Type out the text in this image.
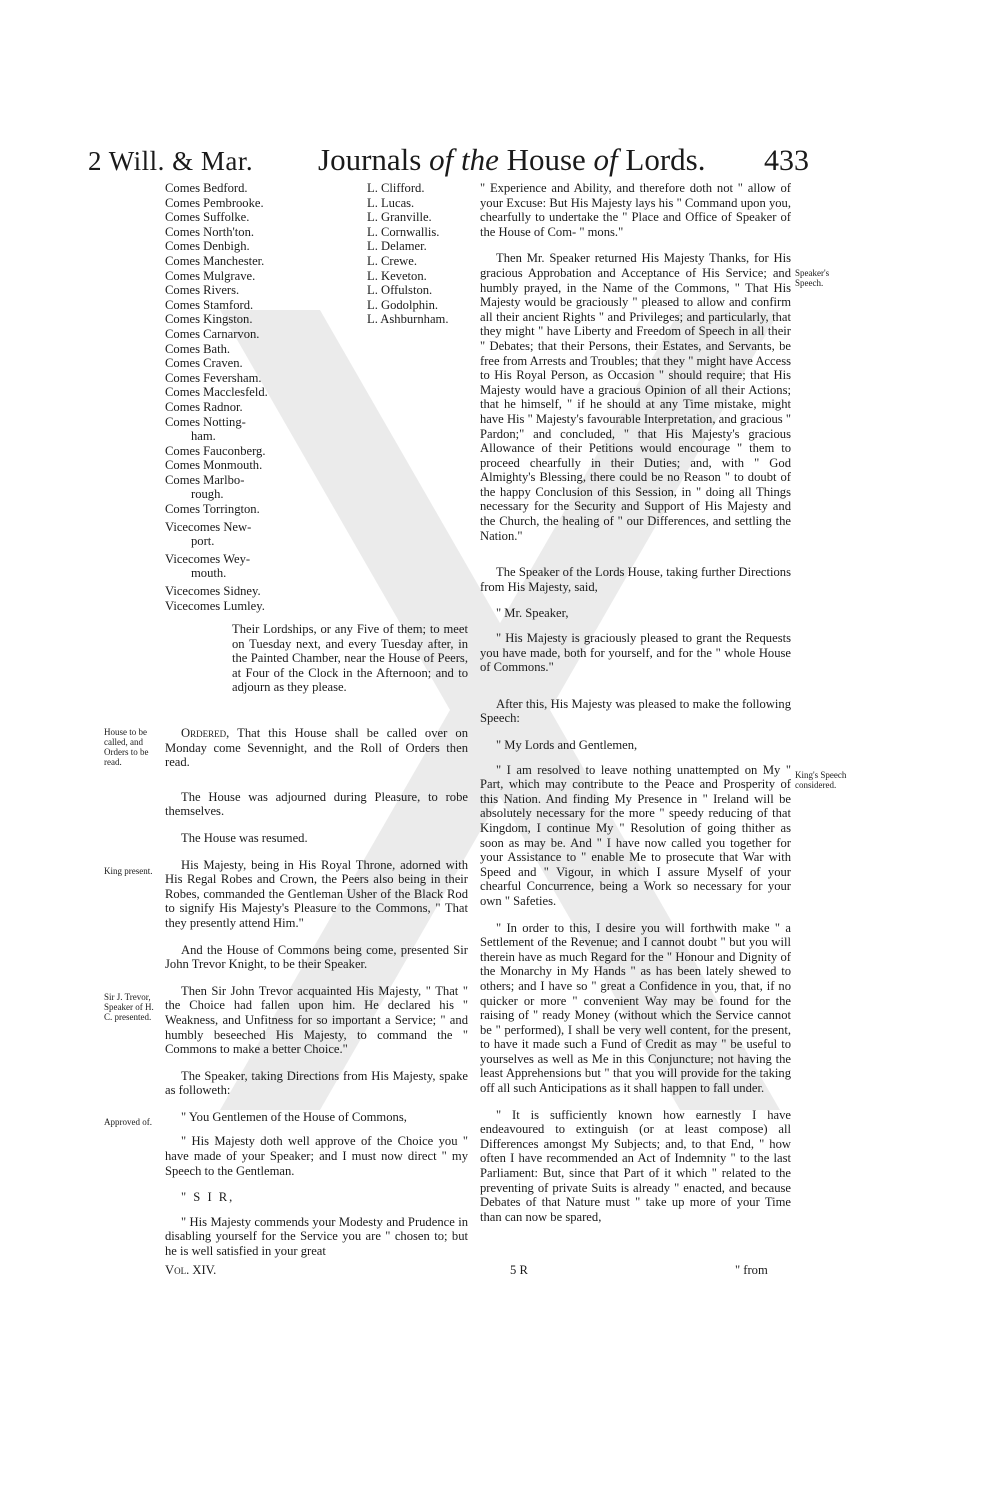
2 Will. & Mar. Journals of the House of Lords. 433
Comes Bedford.
Comes Pembrooke.
Comes Suffolke.
Comes North'ton.
Comes Denbigh.
Comes Manchester.
Comes Mulgrave.
Comes Rivers.
Comes Stamford.
Comes Kingston.
Comes Carnarvon.
Comes Bath.
Comes Craven.
Comes Feversham.
Comes Macclesfeld.
Comes Radnor.
Comes Notting-
ham.
Comes Fauconberg.
Comes Monmouth.
Comes Marlbo-
rough.
Comes Torrington.
Vicecomes New-
port.
Vicecomes Wey-
mouth.
Vicecomes Sidney.
Vicecomes Lumley.
L. Clifford.
L. Lucas.
L. Granville.
L. Cornwallis.
L. Delamer.
L. Crewe.
L. Keveton.
L. Offulston.
L. Godolphin.
L. Ashburnham.

Their Lordships, or any Five of them; to meet on Tuesday next, and every Tuesday after, in the Painted Chamber, near the House of Peers, at Four of the Clock in the Afternoon; and to adjourn as they please.

House to be called, and Orders to be read.

Ordered, That this House shall be called over on Monday come Sevennight, and the Roll of Orders then read.

The House was adjourned during Pleasure, to robe themselves.

The House was resumed.

His Majesty, being in His Royal Throne, adorned with His Regal Robes and Crown, the Peers also being in their Robes, commanded the Gentleman Usher of the Black Rod to signify His Majesty's Pleasure to the Commons, " That they presently attend Him."

And the House of Commons being come, presented Sir John Trevor Knight, to be their Speaker.

Then Sir John Trevor acquainted His Majesty, " That " the Choice had fallen upon him. He declared his " Weakness, and Unfitness for so important a Service; " and humbly beseeched His Majesty, to command the " Commons to make a better Choice."

The Speaker, taking Directions from His Majesty, spake as followeth:

" You Gentlemen of the House of Commons,

" His Majesty doth well approve of the Choice you " have made of your Speaker; and I must now direct " my Speech to the Gentleman.

" S I R,

" His Majesty commends your Modesty and Prudence in disabling yourself for the Service you are " chosen to; but he is well satisfied in your great

King present.
Sir J. Trevor, Speaker of H. C. presented.
Approved of.
Vol. XIV.

" Experience and Ability, and therefore doth not " allow of your Excuse: But His Majesty lays his " Command upon you, chearfully to undertake the " Place and Office of Speaker of the House of Com- " mons."

Then Mr. Speaker returned His Majesty Thanks, for His gracious Approbation and Acceptance of His Service; and humbly prayed, in the Name of the Commons, " That His Majesty would be graciously " pleased to allow and confirm all their ancient Rights " and Privileges; and particularly, that they might " have Liberty and Freedom of Speech in all their " Debates; that their Persons, their Estates, and Servants, be free from Arrests and Troubles; that they " might have Access to His Royal Person, as Occasion " should require; that His Majesty would have a gracious Opinion of all their Actions; that he himself, " if he should at any Time mistake, might have His " Majesty's favourable Interpretation, and gracious " Pardon;" and concluded, " that His Majesty's gracious Allowance of their Petitions would encourage " them to proceed chearfully in their Duties; and, with " God Almighty's Blessing, there could be no Reason " to doubt of the happy Conclusion of this Session, in " doing all Things necessary for the Security and Support of His Majesty and the Church, the healing of " our Differences, and settling the Nation."

The Speaker of the Lords House, taking further Directions from His Majesty, said,

" Mr. Speaker,

" His Majesty is graciously pleased to grant the Requests you have made, both for yourself, and for the " whole House of Commons."

After this, His Majesty was pleased to make the following Speech:

" My Lords and Gentlemen,

" I am resolved to leave nothing unattempted on My " Part, which may contribute to the Peace and Prosperity of this Nation. And finding My Presence in " Ireland will be absolutely necessary for the more " speedy reducing of that Kingdom, I continue My " Resolution of going thither as soon as may be. And " I have now called you together for your Assistance to " enable Me to prosecute that War with Speed and " Vigour, in which I assure Myself of your chearful Concurrence, being a Work so necessary for your own " Safeties.

" In order to this, I desire you will forthwith make " a Settlement of the Revenue; and I cannot doubt " but you will therein have as much Regard for the " Honour and Dignity of the Monarchy in My Hands " as has been lately shewed to others; and I have so " great a Confidence in you, that, if no quicker or more " convenient Way may be found for the raising of " ready Money (without which the Service cannot be " performed), I shall be very well content, for the present, to have it made such a Fund of Credit as may " be useful to yourselves as well as Me in this Conjuncture; not having the least Apprehensions but " that you will provide for the taking off all such Anticipations as it shall happen to fall under.

" It is sufficiently known how earnestly I have endeavoured to extinguish (or at least compose) all Differences amongst My Subjects; and, to that End, " how often I have recommended an Act of Indemnity " to the last Parliament: But, since that Part of it which " related to the preventing of private Suits is already " enacted, and because Debates of that Nature must " take up more of your Time than can now be spared,

Speaker's Speech.
King's Speech considered.
5 R	" from
